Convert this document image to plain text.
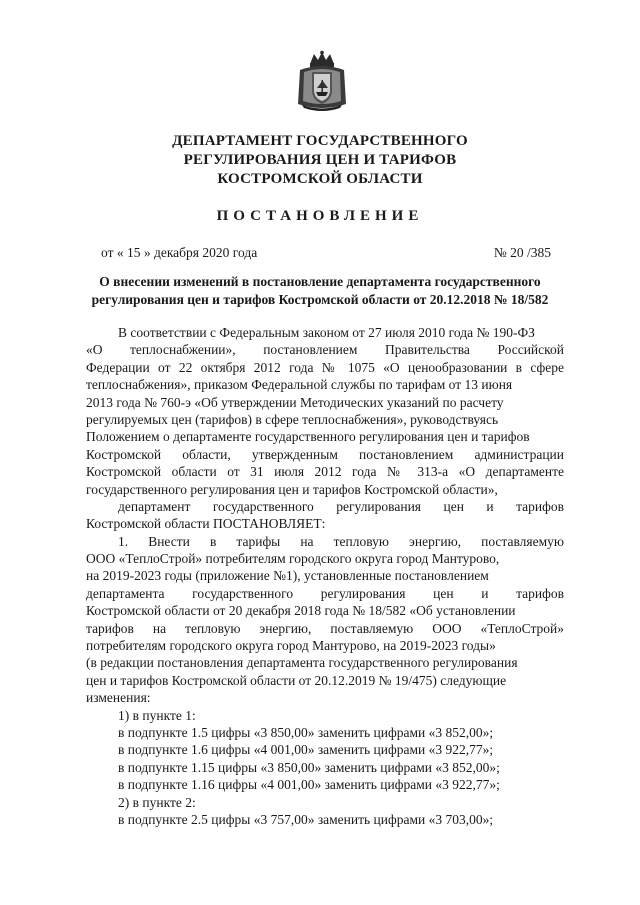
ДЕПАРТАМЕНТ ГОСУДАРСТВЕННОГО
РЕГУЛИРОВАНИЯ ЦЕН И ТАРИФОВ
КОСТРОМСКОЙ ОБЛАСТИ
ПОСТАНОВЛЕНИЕ
от « 15 » декабря 2020 года	№ 20 /385
О внесении изменений в постановление департамента государственного
регулирования цен и тарифов Костромской области от 20.12.2018 № 18/582
В соответствии с Федеральным законом от 27 июля 2010 года № 190-ФЗ
«О теплоснабжении», постановлением Правительства Российской
Федерации от 22 октября 2012 года № 1075 «О ценообразовании в сфере
теплоснабжения», приказом Федеральной службы по тарифам от 13 июня
2013 года № 760-э «Об утверждении Методических указаний по расчету
регулируемых цен (тарифов) в сфере теплоснабжения», руководствуясь
Положением о департаменте государственного регулирования цен и тарифов
Костромской области, утвержденным постановлением администрации
Костромской области от 31 июля 2012 года № 313-а «О департаменте
государственного регулирования цен и тарифов Костромской области»,
департамент государственного регулирования цен и тарифов
Костромской области ПОСТАНОВЛЯЕТ:
1. Внести в тарифы на тепловую энергию, поставляемую
ООО «ТеплоСтрой» потребителям городского округа город Мантурово,
на 2019-2023 годы (приложение №1), установленные постановлением
департамента государственного регулирования цен и тарифов
Костромской области от 20 декабря 2018 года № 18/582 «Об установлении
тарифов на тепловую энергию, поставляемую ООО «ТеплоСтрой»
потребителям городского округа город Мантурово, на 2019-2023 годы»
(в редакции постановления департамента государственного регулирования
цен и тарифов Костромской области от 20.12.2019 № 19/475) следующие
изменения:
1) в пункте 1:
в подпункте 1.5 цифры «3 850,00» заменить цифрами «3 852,00»;
в подпункте 1.6 цифры «4 001,00» заменить цифрами «3 922,77»;
в подпункте 1.15 цифры «3 850,00» заменить цифрами «3 852,00»;
в подпункте 1.16 цифры «4 001,00» заменить цифрами «3 922,77»;
2) в пункте 2:
в подпункте 2.5 цифры «3 757,00» заменить цифрами «3 703,00»;
